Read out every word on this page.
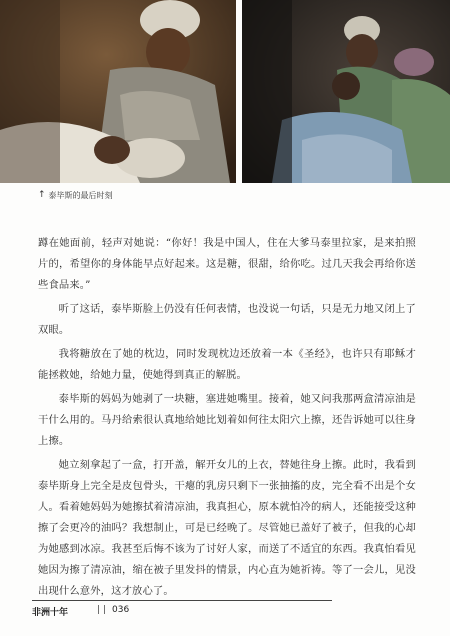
↑ 泰毕斯的最后时刻

蹲在她面前，轻声对她说：“你好！我是中国人，住在大爹马泰里拉家，是来拍照片的，希望你的身体能早点好起来。这是糖，很甜，给你吃。过几天我会再给你送些食品来。”

听了这话，泰毕斯脸上仍没有任何表情，也没说一句话，只是无力地又闭上了双眼。

我将糖放在了她的枕边，同时发现枕边还放着一本《圣经》，也许只有耶稣才能拯救她，给她力量，使她得到真正的解脱。

泰毕斯的妈妈为她剥了一块糖，塞进她嘴里。接着，她又问我那两盒清凉油是干什么用的。马丹给索很认真地给她比划着如何往太阳穴上擦，还告诉她可以往身上擦。

她立刻拿起了一盒，打开盖，解开女儿的上衣，替她往身上擦。此时，我看到泰毕斯身上完全是皮包骨头，干瘪的乳房只剩下一张抽搐的皮，完全看不出是个女人。看着她妈妈为她擦拭着清凉油，我真担心，原本就怕冷的病人，还能接受这种擦了会更冷的油吗？我想制止，可是已经晚了。尽管她已盖好了被子，但我的心却为她感到冰凉。我甚至后悔不该为了讨好人家，而送了不适宜的东西。我真怕看见她因为擦了清凉油，缩在被子里发抖的情景，内心直为她祈祷。等了一会儿，见没出现什么意外，这才放心了。

非洲十年	| | 036
